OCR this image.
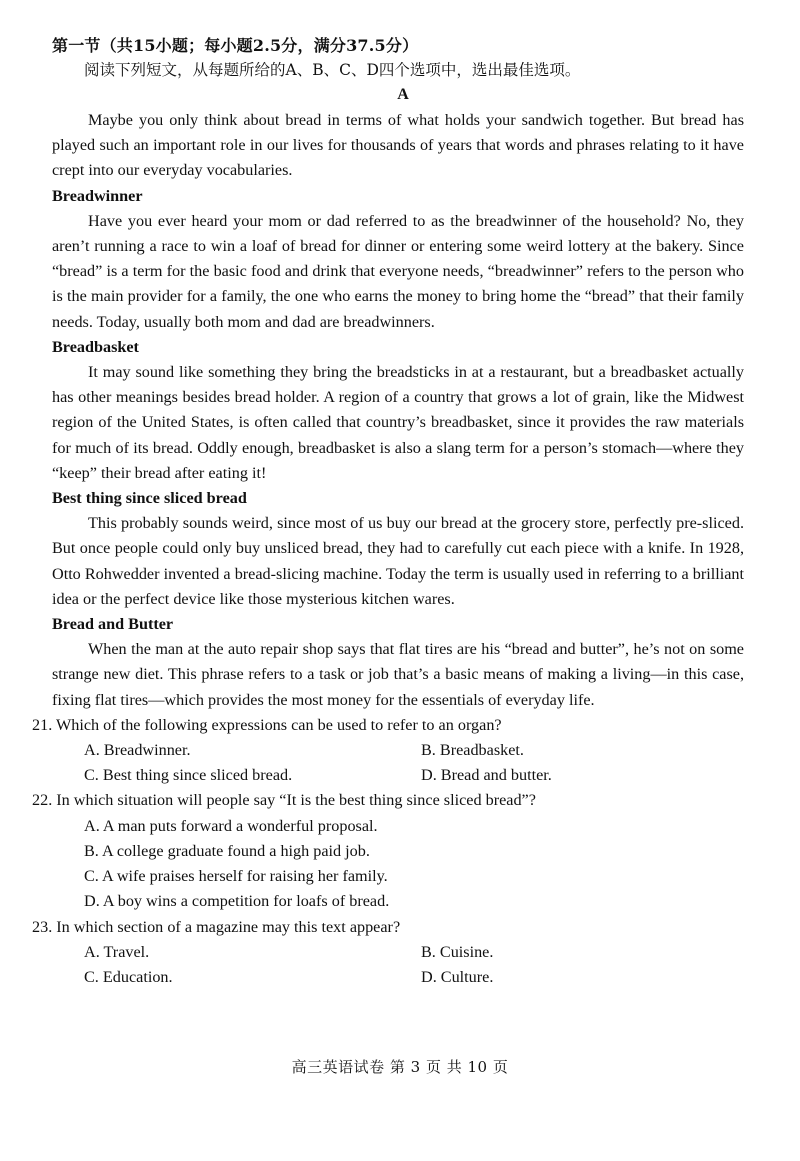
第一节（共15小题；每小题2.5分，满分37.5分）
阅读下列短文，从每题所给的A、B、C、D四个选项中，选出最佳选项。
A

Maybe you only think about bread in terms of what holds your sandwich together. But bread has played such an important role in our lives for thousands of years that words and phrases relating to it have crept into our everyday vocabularies.

Breadwinner

Have you ever heard your mom or dad referred to as the breadwinner of the household? No, they aren’t running a race to win a loaf of bread for dinner or entering some weird lottery at the bakery. Since “bread” is a term for the basic food and drink that everyone needs, “breadwinner” refers to the person who is the main provider for a family, the one who earns the money to bring home the “bread” that their family needs. Today, usually both mom and dad are breadwinners.

Breadbasket

It may sound like something they bring the breadsticks in at a restaurant, but a breadbasket actually has other meanings besides bread holder. A region of a country that grows a lot of grain, like the Midwest region of the United States, is often called that country’s breadbasket, since it provides the raw materials for much of its bread. Oddly enough, breadbasket is also a slang term for a person’s stomach—where they “keep” their bread after eating it!

Best thing since sliced bread

This probably sounds weird, since most of us buy our bread at the grocery store, perfectly pre-sliced. But once people could only buy unsliced bread, they had to carefully cut each piece with a knife. In 1928, Otto Rohwedder invented a bread-slicing machine. Today the term is usually used in referring to a brilliant idea or the perfect device like those mysterious kitchen wares.

Bread and Butter

When the man at the auto repair shop says that flat tires are his “bread and butter”, he’s not on some strange new diet. This phrase refers to a task or job that’s a basic means of making a living—in this case, fixing flat tires—which provides the most money for the essentials of everyday life.

21. Which of the following expressions can be used to refer to an organ?
A. Breadwinner.	B. Breadbasket.
C. Best thing since sliced bread.	D. Bread and butter.
22. In which situation will people say “It is the best thing since sliced bread”?
A. A man puts forward a wonderful proposal.
B. A college graduate found a high paid job.
C. A wife praises herself for raising her family.
D. A boy wins a competition for loafs of bread.
23. In which section of a magazine may this text appear?
A. Travel.	B. Cuisine.
C. Education.	D. Culture.
高三英语试卷 第 3 页 共 10 页
